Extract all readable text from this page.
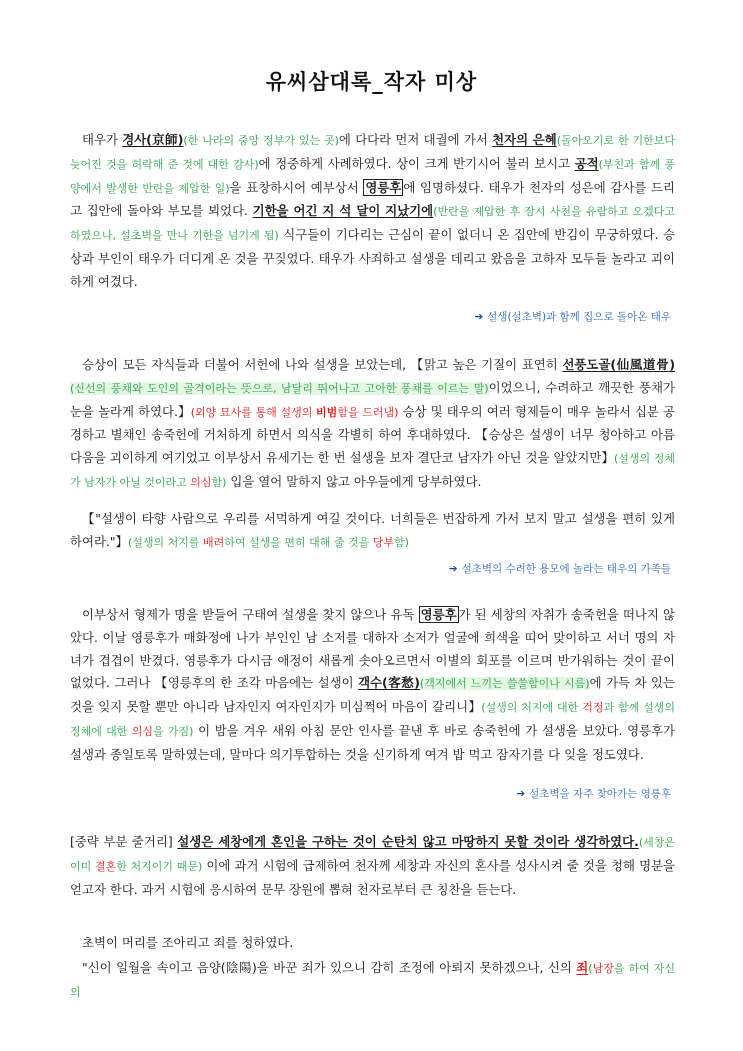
유씨삼대록_작자 미상
태우가 경사(京師)(한 나라의 중앙 정부가 있는 곳)에 다다라 먼저 대궐에 가서 천자의 은혜(돌아오기로 한 기한보다 늦어진 것을 허락해 준 것에 대한 감사)에 정중하게 사례하였다. 상이 크게 반기시어 불러 보시고 공적(부친과 함께 풍양에서 발생한 반란을 제압한 일)을 표창하시어 예부상서 영릉후 에 임명하셨다. 태우가 천자의 성은에 감사를 드리고 집안에 돌아와 부모를 뵈었다. 기한을 어긴 지 석 달이 지났기에(반란을 제압한 후 잠시 사천을 유람하고 오겠다고 하였으나, 설초벽을 만나 기한을 넘기게 됨) 식구들이 기다리는 근심이 끝이 없더니 온 집안에 반김이 무궁하였다. 승상과 부인이 태우가 더디게 온 것을 꾸짖었다. 태우가 사죄하고 설생을 데리고 왔음을 고하자 모두들 놀라고 괴이하게 여겼다.
➔ 설생(설초벽)과 함께 집으로 돌아온 태우
승상이 모든 자식들과 더불어 서헌에 나와 설생을 보았는데, 【맑고 높은 기질이 표연히 선풍도골(仙風道骨)(신선의 풍채와 도인의 골격이라는 뜻으로, 남달리 뛰어나고 고아한 풍채를 이르는 말)이었으니, 수려하고 깨끗한 풍채가 눈을 놀라게 하였다.】(외양 묘사를 통해 설생의 비범함을 드러냄) 승상 및 태우의 여러 형제들이 매우 놀라서 십분 공경하고 별채인 송죽헌에 거처하게 하면서 의식을 각별히 하여 후대하였다. 【승상은 설생이 너무 청아하고 아름다움을 괴이하게 여기었고 이부상서 유세기는 한 번 설생을 보자 결단코 남자가 아닌 것을 알았지만】(설생의 정체가 남자가 아닐 것이라고 의심함) 입을 열어 말하지 않고 아우들에게 당부하였다.
【"설생이 타향 사람으로 우리를 서먹하게 여길 것이다. 너희들은 번잡하게 가서 보지 말고 설생을 편히 있게 하여라."】(설생의 처지를 배려하여 설생을 편히 대해 줄 것을 당부함)
➔ 설초벽의 수려한 용모에 놀라는 태우의 가족들
이부상서 형제가 명을 받들어 구태여 설생을 찾지 않으나 유독 영릉후 가 된 세창의 자취가 송죽헌을 떠나지 않았다. 이날 영릉후가 매화정에 나가 부인인 남 소저를 대하자 소저가 얼굴에 희색을 띠어 맞이하고 서너 명의 자녀가 겹겹이 반겼다. 영릉후가 다시금 애정이 새롭게 솟아오르면서 이별의 회포를 이르며 반가워하는 것이 끝이 없었다. 그러나 【영릉후의 한 조각 마음에는 설생이 객수(客愁)(객지에서 느끼는 쓸쓸함이나 시름)에 가득 차 있는 것을 잊지 못할 뿐만 아니라 남자인지 여자인지가 미심쩍어 마음이 갈리니】(설생의 처지에 대한 걱정과 함께 설생의 정체에 대한 의심을 가짐) 이 밤을 겨우 새워 아침 문안 인사를 끝낸 후 바로 송죽헌에 가 설생을 보았다. 영릉후가 설생과 종일토록 말하였는데, 말마다 의기투합하는 것을 신기하게 여겨 밥 먹고 잠자기를 다 잊을 정도였다.
➔ 설초벽을 자주 찾아가는 영릉후
[중략 부분 줄거리] 설생은 세창에게 혼인을 구하는 것이 순탄치 않고 마땅하지 못할 것이라 생각하였다.(세창은 이미 결혼한 처지이기 때문) 이에 과거 시험에 급제하여 천자께 세창과 자신의 혼사를 성사시켜 줄 것을 청해 명분을 얻고자 한다. 과거 시험에 응시하여 문무 장원에 뽑혀 천자로부터 큰 칭찬을 듣는다.
초벽이 머리를 조아리고 죄를 청하였다.
"신이 일월을 속이고 음양(陰陽)을 바꾼 죄가 있으니 감히 조정에 아뢰지 못하겠으나, 신의 죄(남장을 하여 자신의
